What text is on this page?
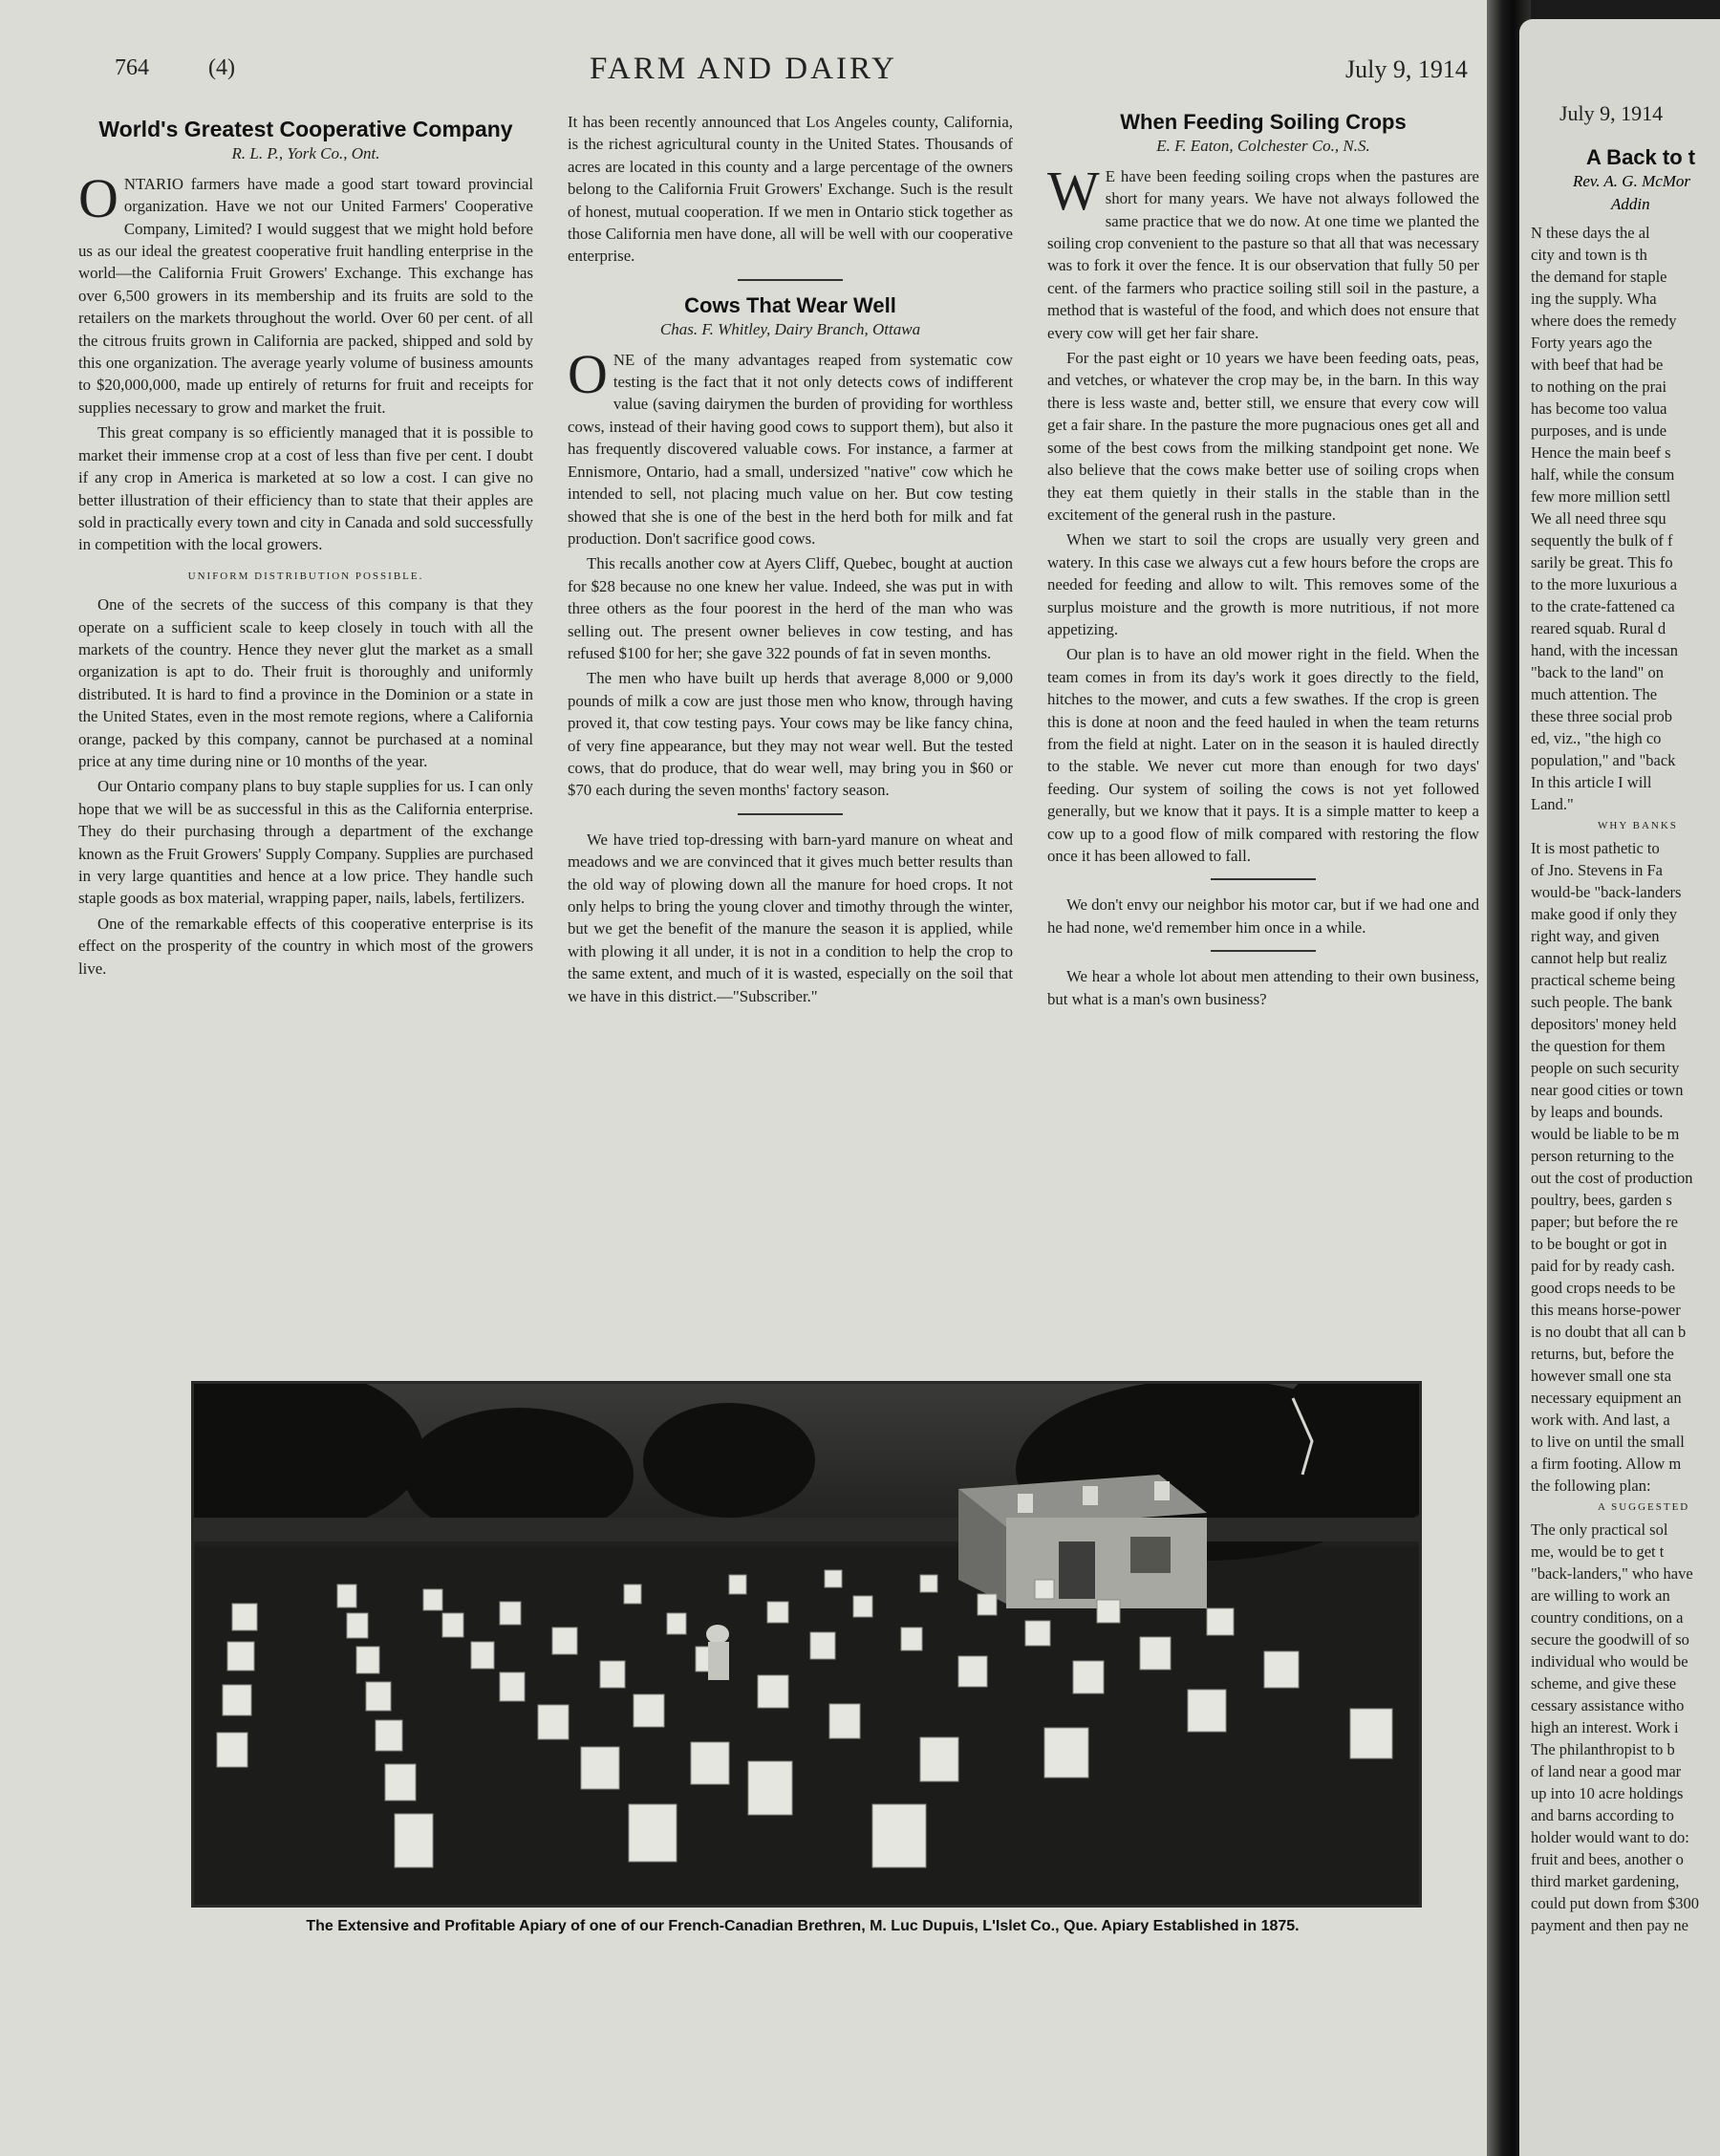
764	(4)	FARM AND DAIRY	July 9, 1914
World's Greatest Cooperative Company
R. L. P., York Co., Ont.

ONTARIO farmers have made a good start toward provincial organization. Have we not our United Farmers' Cooperative Company, Limited? I would suggest that we might hold before us as our ideal the greatest cooperative fruit handling enterprise in the world—the California Fruit Growers' Exchange. This exchange has over 6,500 growers in its membership and its fruits are sold to the retailers on the markets throughout the world. Over 60 per cent. of all the citrous fruits grown in California are packed, shipped and sold by this one organization. The average yearly volume of business amounts to $20,000,000, made up entirely of returns for fruit and receipts for supplies necessary to grow and market the fruit.

This great company is so efficiently managed that it is possible to market their immense crop at a cost of less than five per cent. I doubt if any crop in America is marketed at so low a cost. I can give no better illustration of their efficiency than to state that their apples are sold in practically every town and city in Canada and sold successfully in competition with the local growers.

UNIFORM DISTRIBUTION POSSIBLE.

One of the secrets of the success of this company is that they operate on a sufficient scale to keep closely in touch with all the markets of the country. Hence they never glut the market as a small organization is apt to do. Their fruit is thoroughly and uniformly distributed. It is hard to find a province in the Dominion or a state in the United States, even in the most remote regions, where a California orange, packed by this company, cannot be purchased at a nominal price at any time during nine or 10 months of the year.

Our Ontario company plans to buy staple supplies for us. I can only hope that we will be as successful in this as the California enterprise. They do their purchasing through a department of the exchange known as the Fruit Growers' Supply Company. Supplies are purchased in very large quantities and hence at a low price. They handle such staple goods as box material, wrapping paper, nails, labels, fertilizers.

One of the remarkable effects of this cooperative enterprise is its effect on the prosperity of the country in which most of the growers live.

It has been recently announced that Los Angeles county, California, is the richest agricultural county in the United States. Thousands of acres are located in this county and a large percentage of the owners belong to the California Fruit Growers' Exchange. Such is the result of honest, mutual cooperation. If we men in Ontario stick together as those California men have done, all will be well with our cooperative enterprise.

Cows That Wear Well
Chas. F. Whitley, Dairy Branch, Ottawa

ONE of the many advantages reaped from systematic cow testing is the fact that it not only detects cows of indifferent value (saving dairymen the burden of providing for worthless cows, instead of their having good cows to support them), but also it has frequently discovered valuable cows. For instance, a farmer at Ennismore, Ontario, had a small, undersized "native" cow which he intended to sell, not placing much value on her. But cow testing showed that she is one of the best in the herd both for milk and fat production. Don't sacrifice good cows.

This recalls another cow at Ayers Cliff, Quebec, bought at auction for $28 because no one knew her value. Indeed, she was put in with three others as the four poorest in the herd of the man who was selling out. The present owner believes in cow testing, and has refused $100 for her; she gave 322 pounds of fat in seven months.

The men who have built up herds that average 8,000 or 9,000 pounds of milk a cow are just those men who know, through having proved it, that cow testing pays. Your cows may be like fancy china, of very fine appearance, but they may not wear well. But the tested cows, that do produce, that do wear well, may bring you in $60 or $70 each during the seven months' factory season.

We have tried top-dressing with barn-yard manure on wheat and meadows and we are convinced that it gives much better results than the old way of plowing down all the manure for hoed crops. It not only helps to bring the young clover and timothy through the winter, but we get the benefit of the manure the season it is applied, while with plowing it all under, it is not in a condition to help the crop to the same extent, and much of it is wasted, especially on the soil that we have in this district.—"Subscriber."

When Feeding Soiling Crops
E. F. Eaton, Colchester Co., N.S.

W E have been feeding soiling crops when the pastures are short for many years. We have not always followed the same practice that we do now. At one time we planted the soiling crop convenient to the pasture so that all that was necessary was to fork it over the fence. It is our observation that fully 50 per cent. of the farmers who practice soiling still soil in the pasture, a method that is wasteful of the food, and which does not ensure that every cow will get her fair share.

For the past eight or 10 years we have been feeding oats, peas, and vetches, or whatever the crop may be, in the barn. In this way there is less waste and, better still, we ensure that every cow will get a fair share. In the pasture the more pugnacious ones get all and some of the best cows from the milking standpoint get none. We also believe that the cows make better use of soiling crops when they eat them quietly in their stalls in the stable than in the excitement of the general rush in the pasture.

When we start to soil the crops are usually very green and watery. In this case we always cut a few hours before the crops are needed for feeding and allow to wilt. This removes some of the surplus moisture and the growth is more nutritious, if not more appetizing.

Our plan is to have an old mower right in the field. When the team comes in from its day's work it goes directly to the field, hitches to the mower, and cuts a few swathes. If the crop is green this is done at noon and the feed hauled in when the team returns from the field at night. Later on in the season it is hauled directly to the stable. We never cut more than enough for two days' feeding. Our system of soiling the cows is not yet followed generally, but we know that it pays. It is a simple matter to keep a cow up to a good flow of milk compared with restoring the flow once it has been allowed to fall.

We don't envy our neighbor his motor car, but if we had one and he had none, we'd remember him once in a while.

We hear a whole lot about men attending to their own business, but what is a man's own business?

The Extensive and Profitable Apiary of one of our French-Canadian Brethren, M. Luc Dupuis, L'Islet Co., Que. Apiary Established in 1875.
July 9, 1914
A Back to t
Rev. A. G. McMor
Addin

N these days the al

city and town is th

the demand for staple

ing the supply. Wha

where does the remedy

Forty years ago the

with beef that had be

to nothing on the prai

has become too valua

purposes, and is unde

Hence the main beef s

half, while the consum

few more million settl

We all need three squ

sequently the bulk of f

sarily be great. This fo

to the more luxurious a

to the crate-fattened ca

reared squab. Rural d

hand, with the incessan

"back to the land" on

much attention. The

these three social prob

ed, viz., "the high co

population," and "back

In this article I will

Land."

WHY BANKS

It is most pathetic to

of Jno. Stevens in Fa

would-be "back-landers

make good if only they

right way, and given

cannot help but realiz

practical scheme being

such people. The bank

depositors' money held

the question for them

people on such security

near good cities or town

by leaps and bounds.

would be liable to be m

person returning to the

out the cost of production

poultry, bees, garden s

paper; but before the re

to be bought or got in

paid for by ready cash.

good crops needs to be

this means horse-power

is no doubt that all can b

returns, but, before the

however small one sta

necessary equipment an

work with. And last, a

to live on until the small

a firm footing. Allow m

the following plan:

A SUGGESTED

The only practical sol

me, would be to get t

"back-landers," who have

are willing to work an

country conditions, on a

secure the goodwill of so

individual who would be

scheme, and give these

cessary assistance witho

high an interest. Work i

The philanthropist to b

of land near a good mar

up into 10 acre holdings

and barns according to

holder would want to do:

fruit and bees, another o

third market gardening,

could put down from $300

payment and then pay ne
